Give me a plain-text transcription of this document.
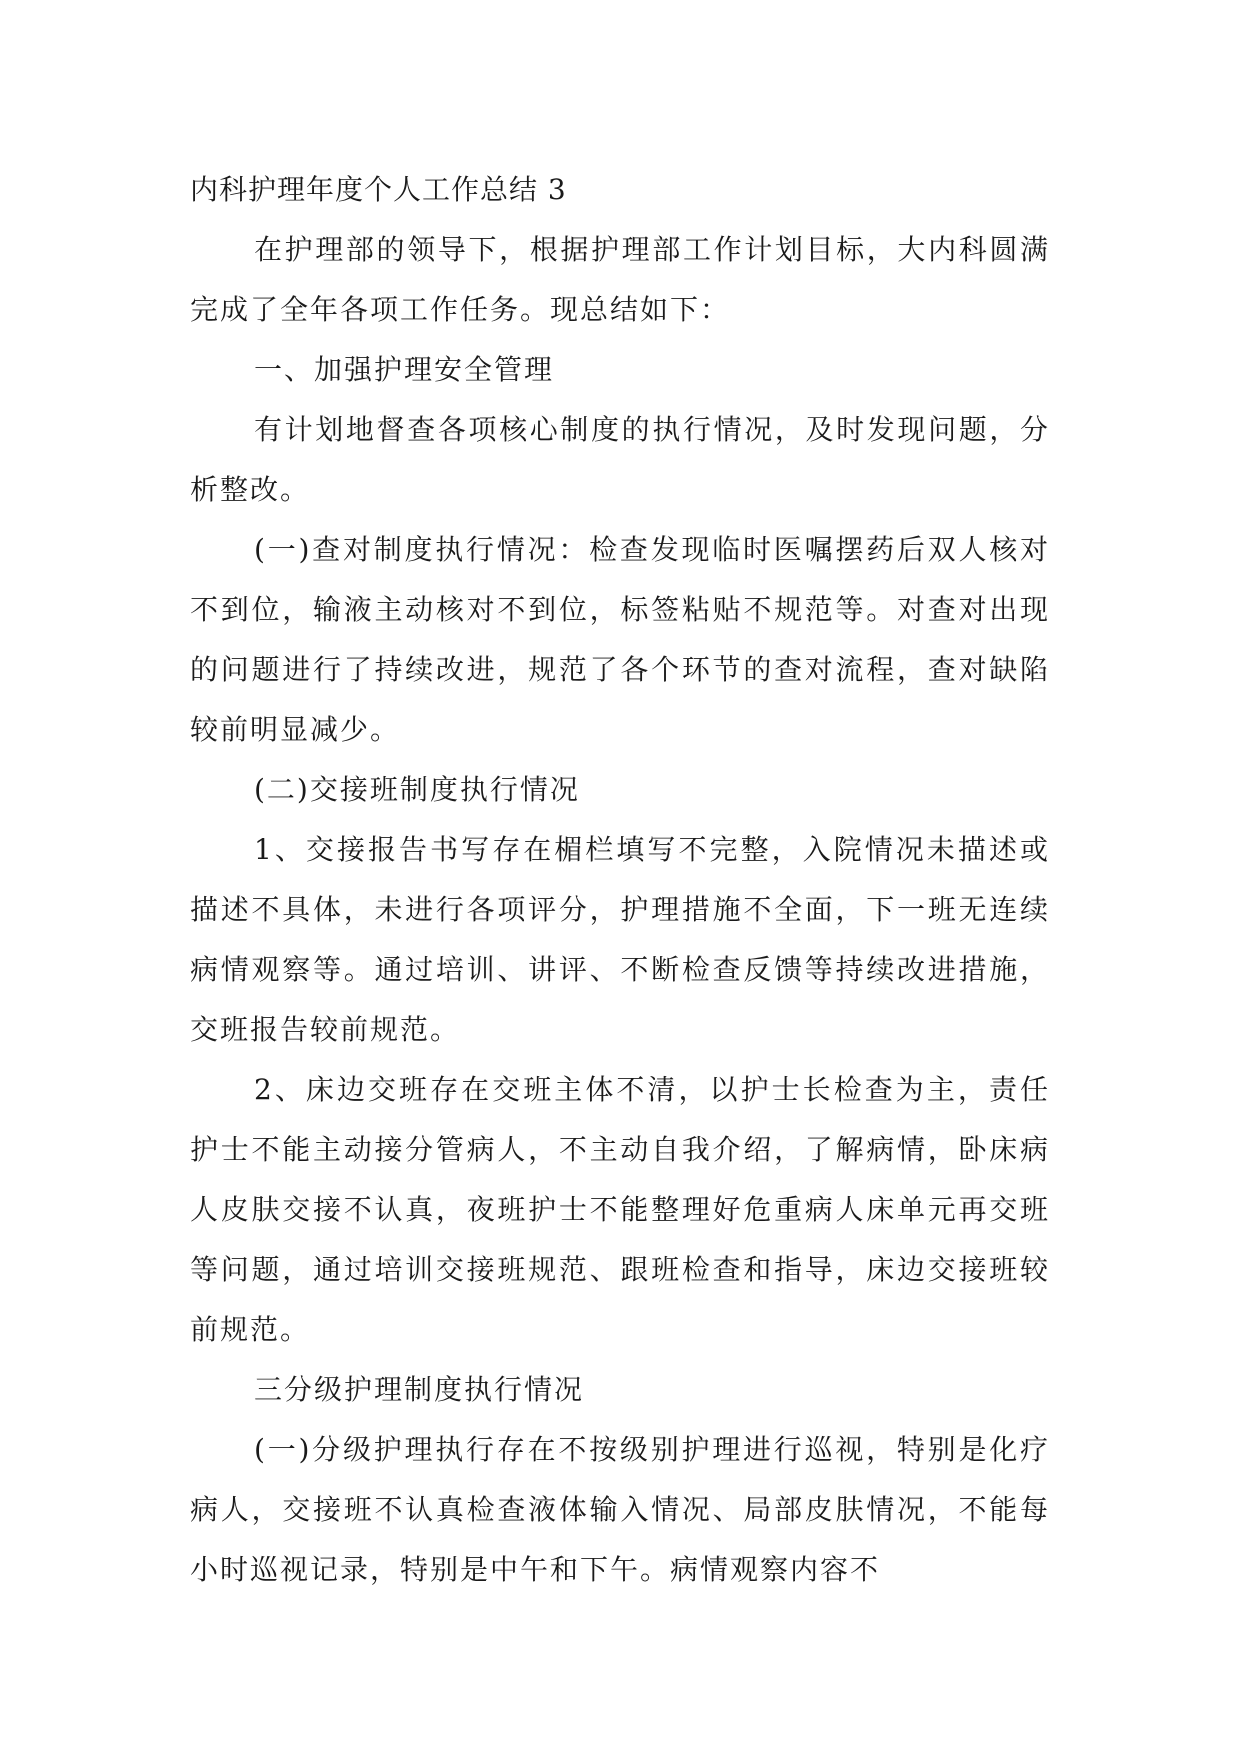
内科护理年度个人工作总结 3

在护理部的领导下，根据护理部工作计划目标，大内科圆满完成了全年各项工作任务。现总结如下：

一、加强护理安全管理

有计划地督查各项核心制度的执行情况，及时发现问题，分析整改。

(一)查对制度执行情况：检查发现临时医嘱摆药后双人核对不到位，输液主动核对不到位，标签粘贴不规范等。对查对出现的问题进行了持续改进，规范了各个环节的查对流程，查对缺陷较前明显减少。

(二)交接班制度执行情况

1、交接报告书写存在楣栏填写不完整，入院情况未描述或描述不具体，未进行各项评分，护理措施不全面，下一班无连续病情观察等。通过培训、讲评、不断检查反馈等持续改进措施，交班报告较前规范。

2、床边交班存在交班主体不清，以护士长检查为主，责任护士不能主动接分管病人，不主动自我介绍，了解病情，卧床病人皮肤交接不认真，夜班护士不能整理好危重病人床单元再交班等问题，通过培训交接班规范、跟班检查和指导，床边交接班较前规范。

三分级护理制度执行情况

(一)分级护理执行存在不按级别护理进行巡视，特别是化疗病人，交接班不认真检查液体输入情况、局部皮肤情况，不能每小时巡视记录，特别是中午和下午。病情观察内容不
